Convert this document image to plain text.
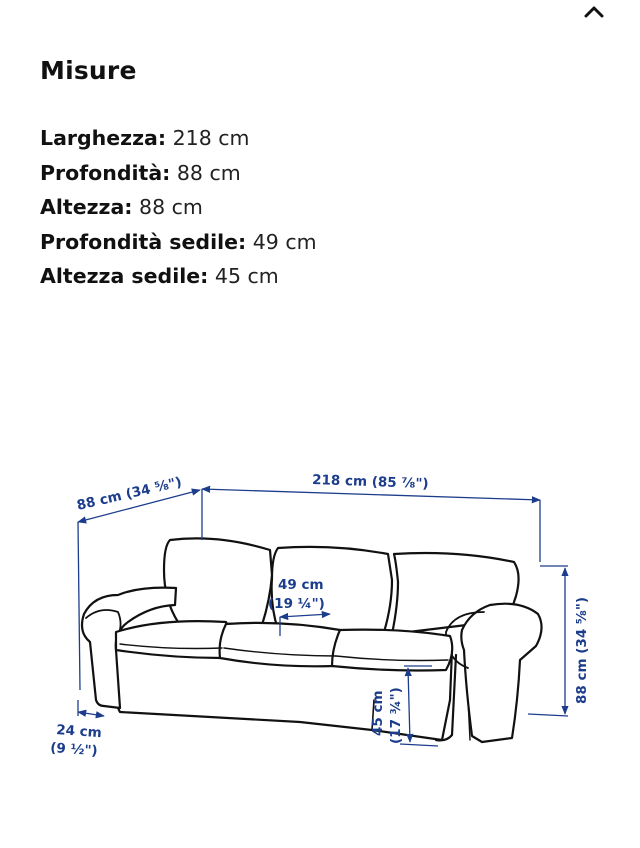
Misure
Larghezza: 218 cm
Profondità: 88 cm
Altezza: 88 cm
Profondità sedile: 49 cm
Altezza sedile: 45 cm
218 cm (85 ⅞")
88 cm (34 ⅝")
88 cm (34 ⅝")
49 cm
(19 ¼")
45 cm (17 ¾")
24 cm
(9 ½")
